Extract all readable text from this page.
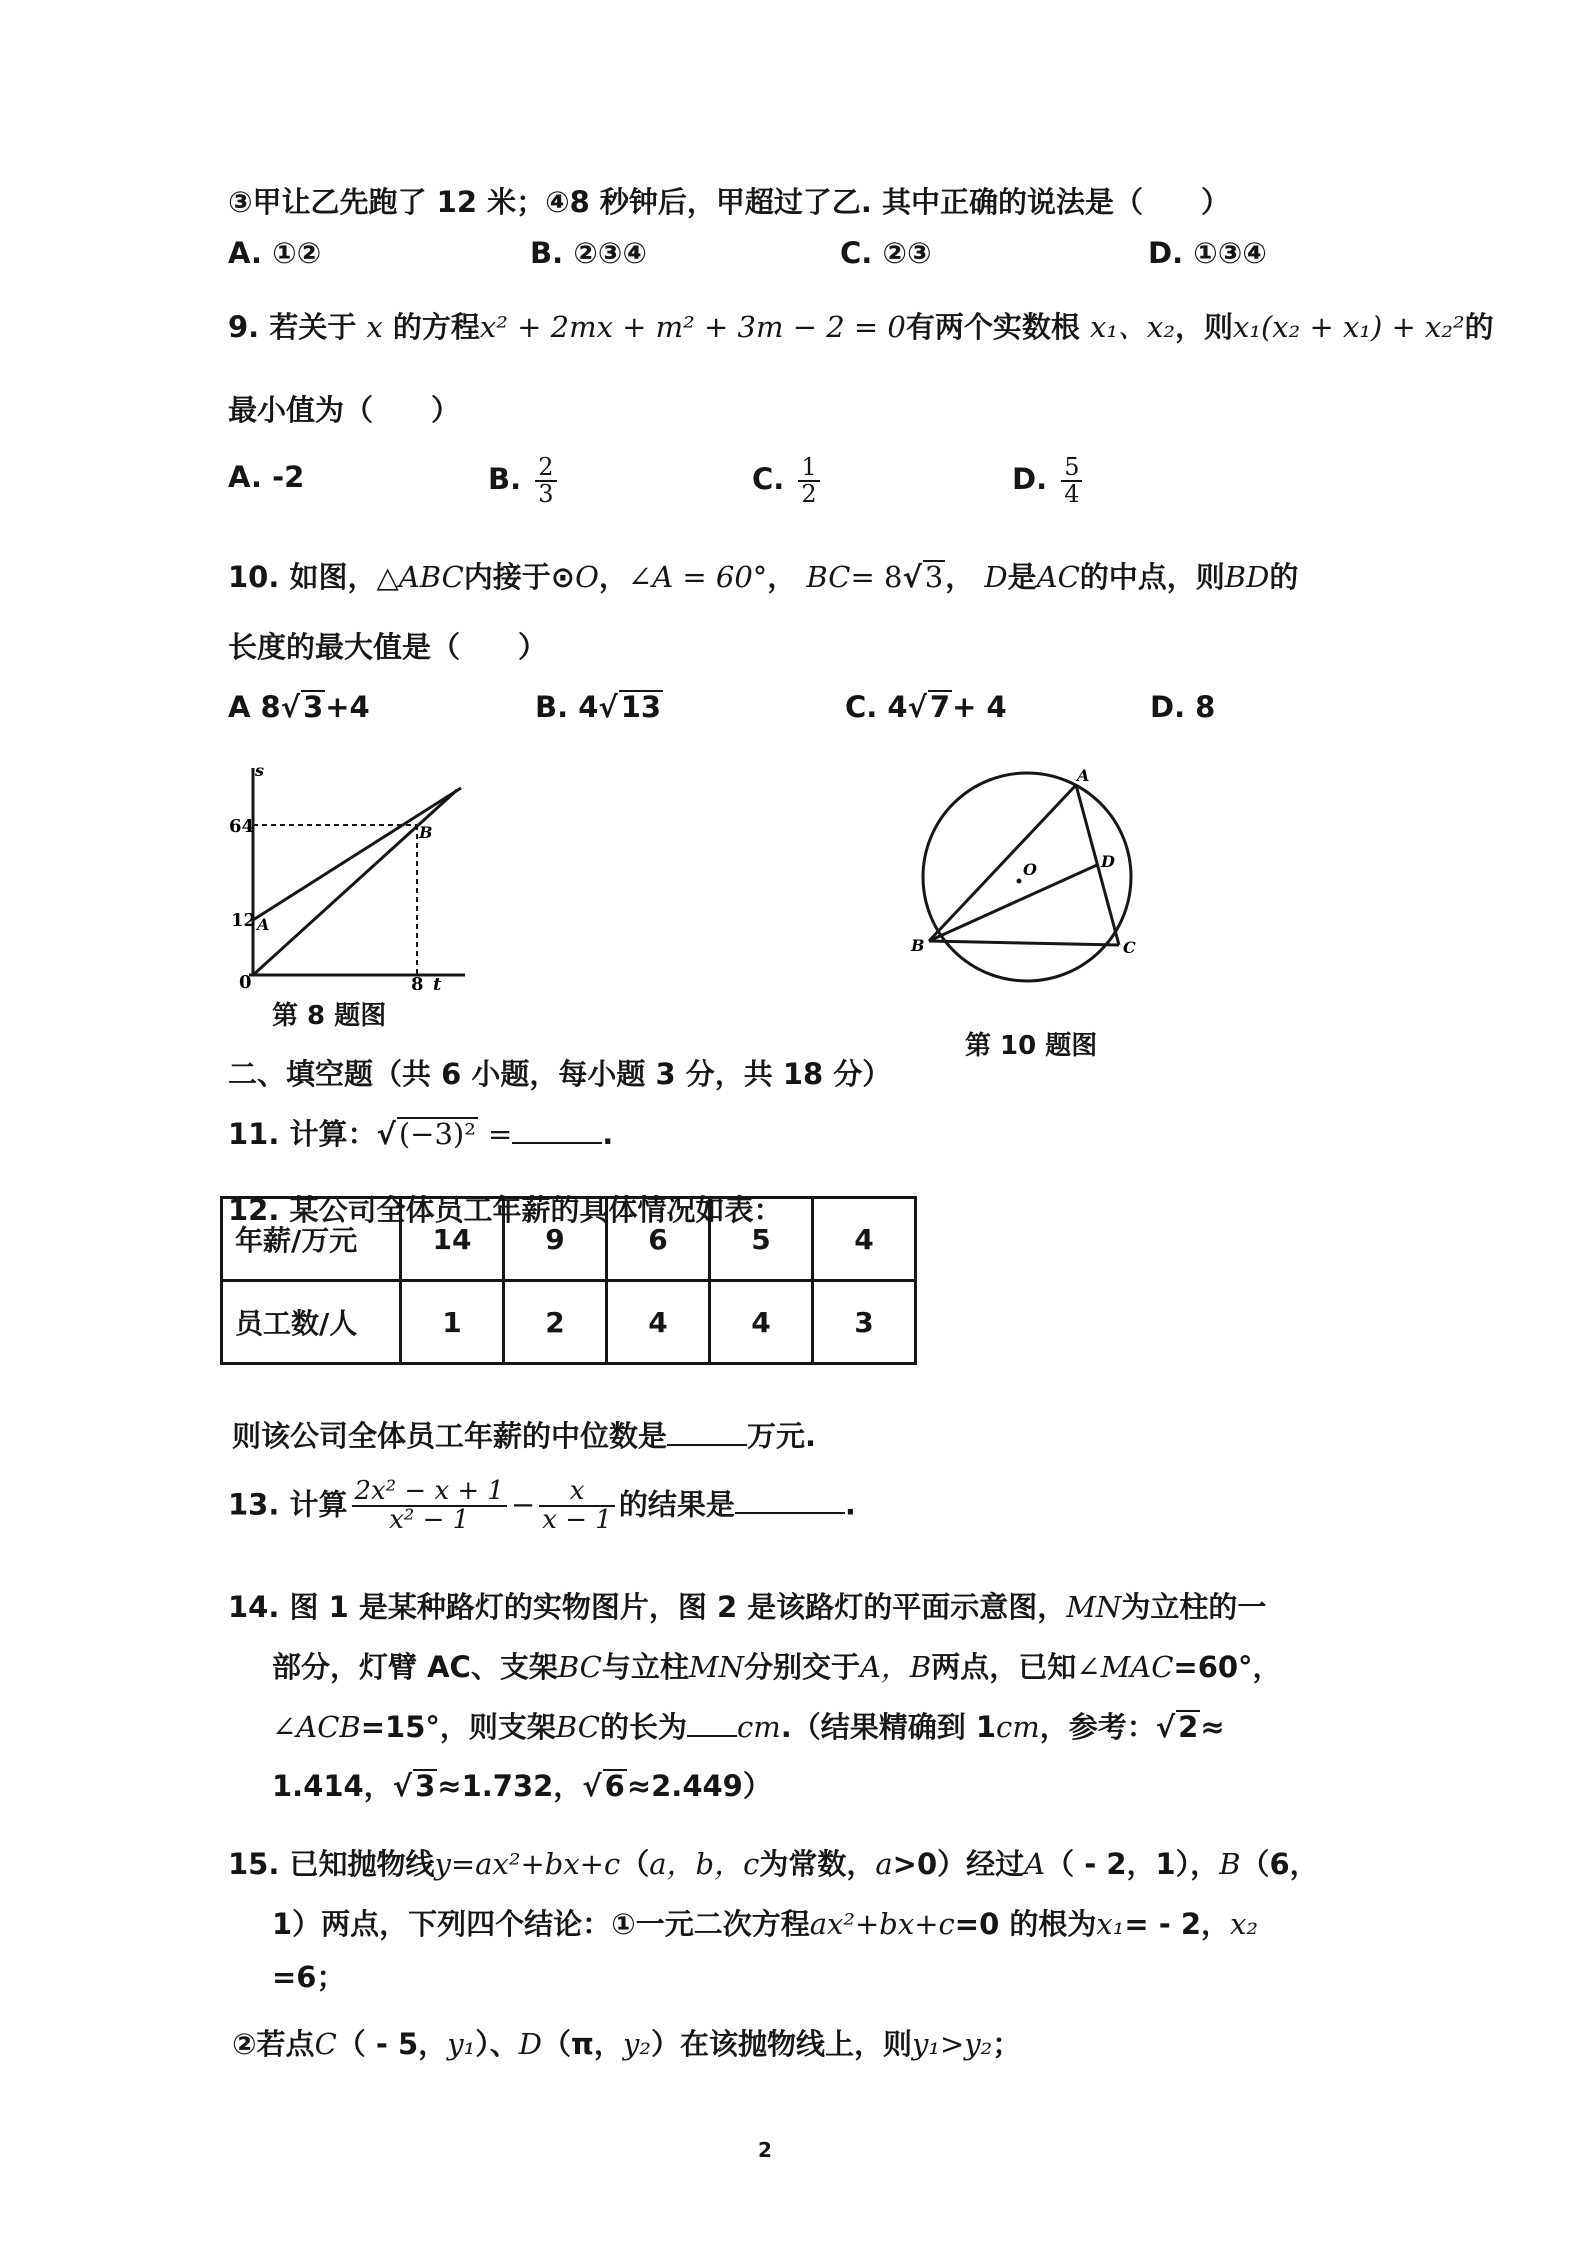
③甲让乙先跑了 12 米；④8 秒钟后，甲超过了乙. 其中正确的说法是（　　）
A. ①②	B. ②③④	C. ②③	D. ①③④
9. 若关于 x 的方程x² + 2mx + m² + 3m − 2 = 0有两个实数根 x₁、x₂，则x₁(x₂ + x₁) + x₂²的
最小值为（　　）
A. -2	B. $\frac{2}{3}$	C. $\frac{1}{2}$	D. $\frac{5}{4}$
10. 如图，△ABC内接于⊙O，∠A = 60°， BC= 8√ 3， D是AC的中点，则BD的
长度的最大值是（　　）
A 8√ 3+4	B. 4√ 13	C. 4√ 7+ 4	D. 8
s
64
12
0	8 t
A
B
第 8 题图
A
B	C
D
O
第 10 题图
二、填空题（共 6 小题，每小题 3 分，共 18 分）
11. 计算：√ (−3)² =	.
12. 某公司全体员工年薪的具体情况如表：
年薪/万元	14	9	6	5	4
员工数/人	1	2	4	4	3
则该公司全体员工年薪的中位数是	万元.
13. 计算 $\frac{\text{2x² − x + 1}}{\text{x² − 1}} - \frac{x}{x - 1}$ 的结果是	.
14. 图 1 是某种路灯的实物图片，图 2 是该路灯的平面示意图，MN为立柱的一
部分，灯臂 AC、支架BC与立柱MN分别交于A，B两点，已知∠MAC=60°，
∠ACB=15°，则支架BC的长为 cm.（结果精确到 1cm，参考：√ 2≈
1.414，√ 3≈1.732，√ 6≈2.449）
15. 已知抛物线y=ax²+bx+c（a，b，c为常数，a>0）经过A（ - 2，1），B（6，
1）两点，下列四个结论：①一元二次方程ax²+bx+c=0 的根为x₁= - 2，x₂
=6；
②若点C（ - 5，y₁）、D（π，y₂）在该抛物线上，则y₁>y₂；
2
